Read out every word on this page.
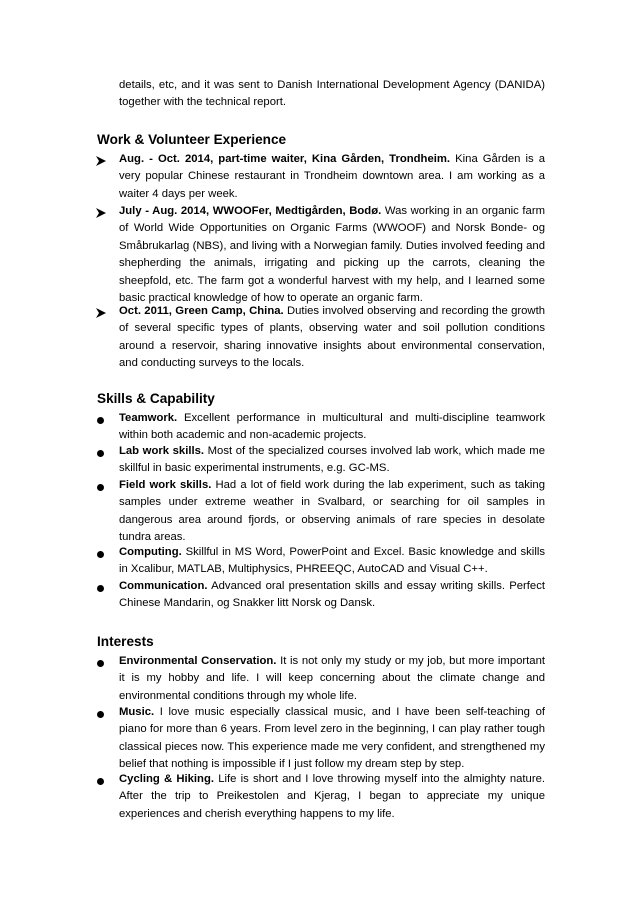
details, etc, and it was sent to Danish International Development Agency (DANIDA) together with the technical report.

Work & Volunteer Experience

Aug. - Oct. 2014, part-time waiter, Kina Gården, Trondheim. Kina Gården is a very popular Chinese restaurant in Trondheim downtown area. I am working as a waiter 4 days per week.

July - Aug. 2014, WWOOFer, Medtigården, Bodø. Was working in an organic farm of World Wide Opportunities on Organic Farms (WWOOF) and Norsk Bonde- og Småbrukarlag (NBS), and living with a Norwegian family. Duties involved feeding and shepherding the animals, irrigating and picking up the carrots, cleaning the sheepfold, etc. The farm got a wonderful harvest with my help, and I learned some basic practical knowledge of how to operate an organic farm.

Oct. 2011, Green Camp, China. Duties involved observing and recording the growth of several specific types of plants, observing water and soil pollution conditions around a reservoir, sharing innovative insights about environmental conservation, and conducting surveys to the locals.

Skills & Capability

Teamwork. Excellent performance in multicultural and multi-discipline teamwork within both academic and non-academic projects.

Lab work skills. Most of the specialized courses involved lab work, which made me skillful in basic experimental instruments, e.g. GC-MS.

Field work skills. Had a lot of field work during the lab experiment, such as taking samples under extreme weather in Svalbard, or searching for oil samples in dangerous area around fjords, or observing animals of rare species in desolate tundra areas.

Computing. Skillful in MS Word, PowerPoint and Excel. Basic knowledge and skills in Xcalibur, MATLAB, Multiphysics, PHREEQC, AutoCAD and Visual C++.

Communication. Advanced oral presentation skills and essay writing skills. Perfect Chinese Mandarin, og Snakker litt Norsk og Dansk.

Interests

Environmental Conservation. It is not only my study or my job, but more important it is my hobby and life. I will keep concerning about the climate change and environmental conditions through my whole life.

Music. I love music especially classical music, and I have been self-teaching of piano for more than 6 years. From level zero in the beginning, I can play rather tough classical pieces now. This experience made me very confident, and strengthened my belief that nothing is impossible if I just follow my dream step by step.

Cycling & Hiking. Life is short and I love throwing myself into the almighty nature. After the trip to Preikestolen and Kjerag, I began to appreciate my unique experiences and cherish everything happens to my life.
